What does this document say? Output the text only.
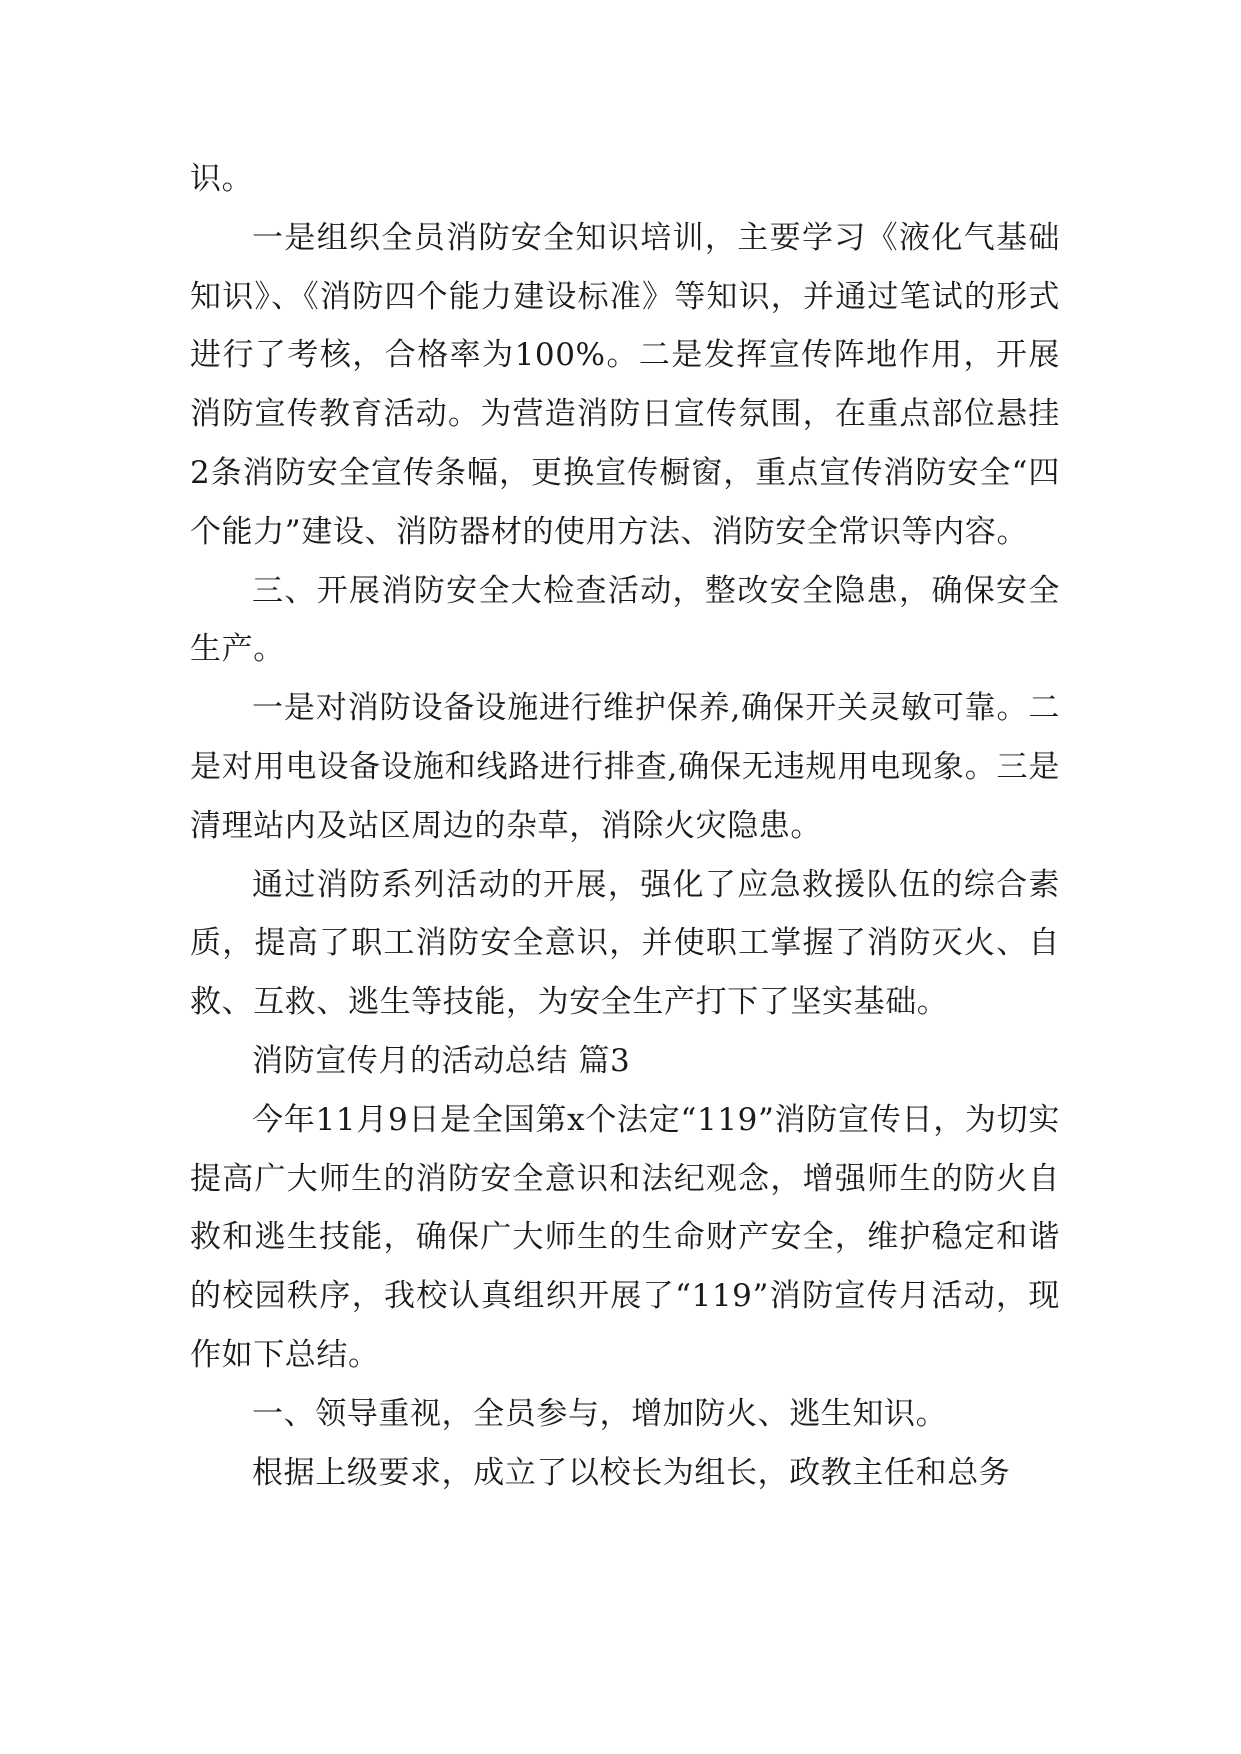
识。

一是组织全员消防安全知识培训，主要学习《液化气基础知识》、《消防四个能力建设标准》等知识，并通过笔试的形式进行了考核，合格率为100%。二是发挥宣传阵地作用，开展消防宣传教育活动。为营造消防日宣传氛围，在重点部位悬挂2条消防安全宣传条幅，更换宣传橱窗，重点宣传消防安全“四个能力”建设、消防器材的使用方法、消防安全常识等内容。

三、开展消防安全大检查活动，整改安全隐患，确保安全生产。

一是对消防设备设施进行维护保养,确保开关灵敏可靠。二是对用电设备设施和线路进行排查,确保无违规用电现象。三是清理站内及站区周边的杂草，消除火灾隐患。

通过消防系列活动的开展，强化了应急救援队伍的综合素质，提高了职工消防安全意识，并使职工掌握了消防灭火、自救、互救、逃生等技能，为安全生产打下了坚实基础。

消防宣传月的活动总结 篇3

今年11月9日是全国第x个法定“119”消防宣传日，为切实提高广大师生的消防安全意识和法纪观念，增强师生的防火自救和逃生技能，确保广大师生的生命财产安全，维护稳定和谐的校园秩序，我校认真组织开展了“119”消防宣传月活动，现作如下总结。

一、领导重视，全员参与，增加防火、逃生知识。

根据上级要求，成立了以校长为组长，政教主任和总务
